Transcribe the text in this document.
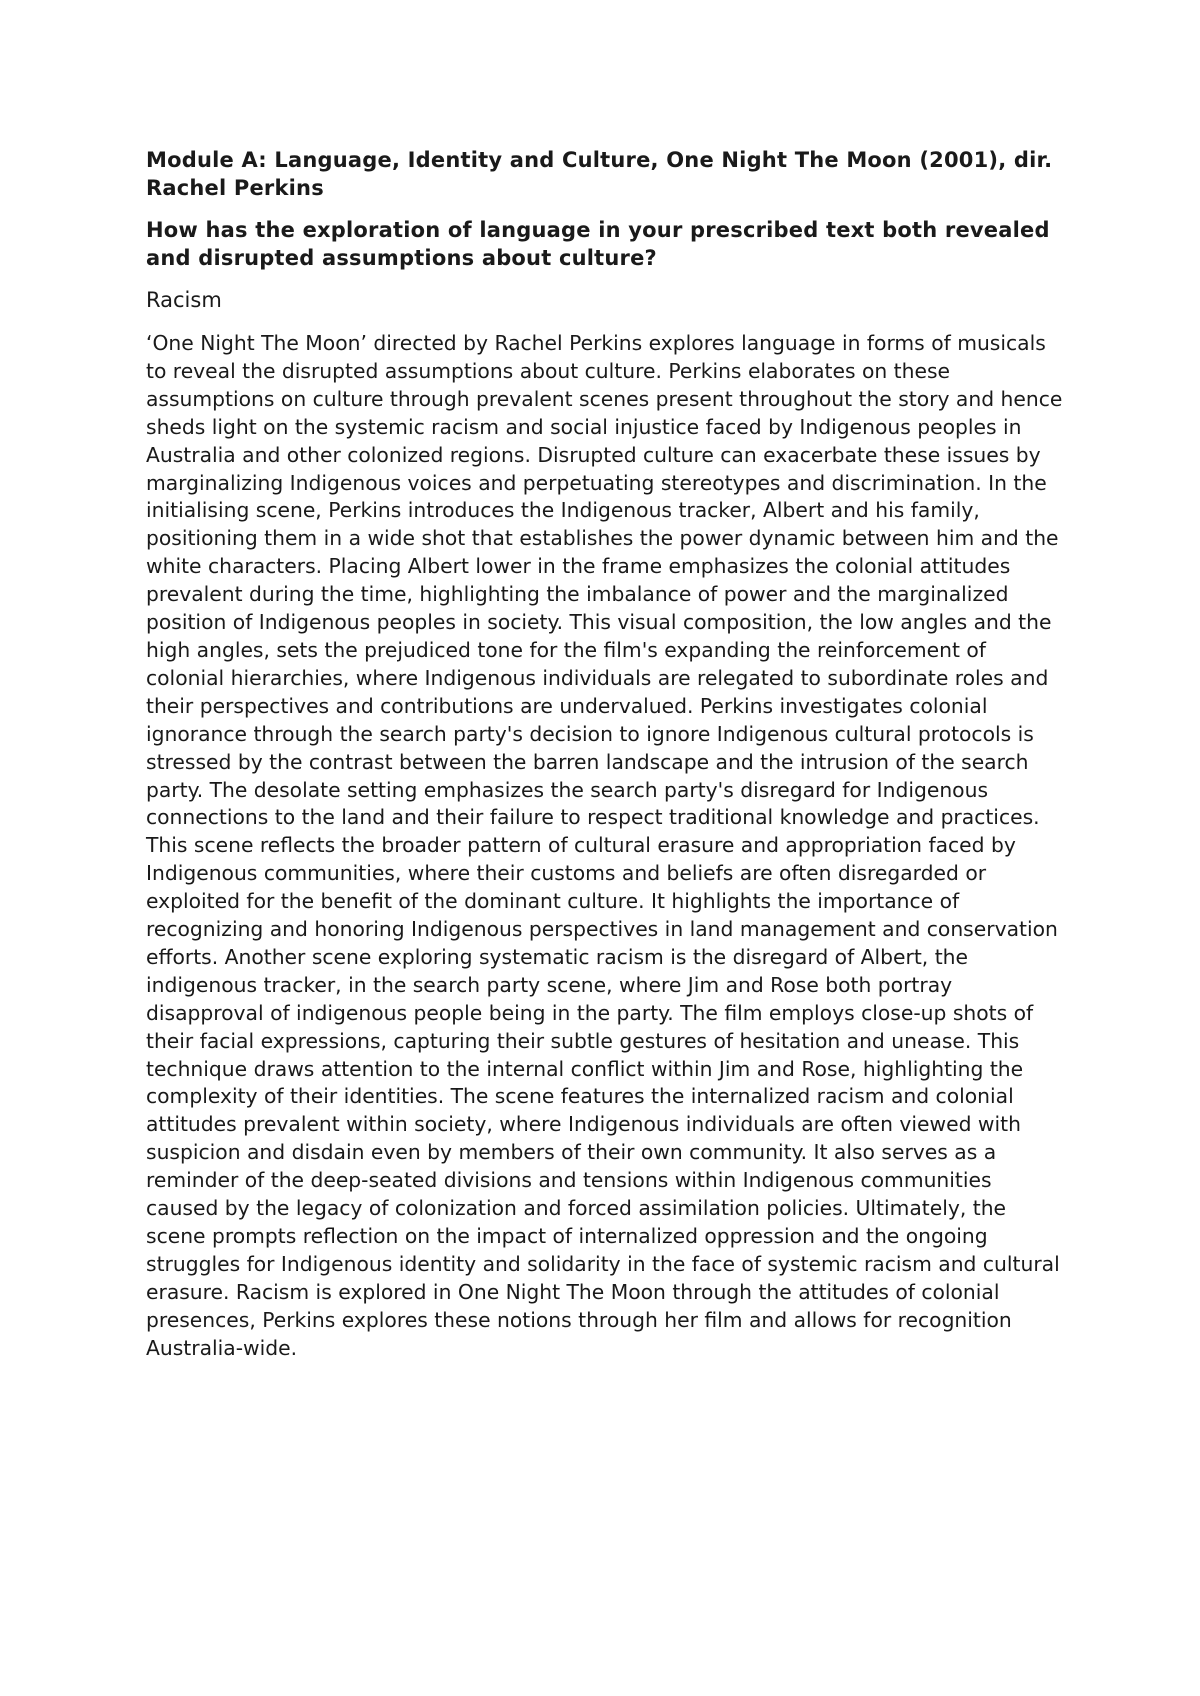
Module A: Language, Identity and Culture, One Night The Moon (2001), dir. Rachel Perkins
How has the exploration of language in your prescribed text both revealed and disrupted assumptions about culture?
Racism

‘One Night The Moon’ directed by Rachel Perkins explores language in forms of musicals to reveal the disrupted assumptions about culture. Perkins elaborates on these assumptions on culture through prevalent scenes present throughout the story and hence sheds light on the systemic racism and social injustice faced by Indigenous peoples in Australia and other colonized regions. Disrupted culture can exacerbate these issues by marginalizing Indigenous voices and perpetuating stereotypes and discrimination. In the initialising scene, Perkins introduces the Indigenous tracker, Albert and his family, positioning them in a wide shot that establishes the power dynamic between him and the white characters. Placing Albert lower in the frame emphasizes the colonial attitudes prevalent during the time, highlighting the imbalance of power and the marginalized position of Indigenous peoples in society. This visual composition, the low angles and the high angles, sets the prejudiced tone for the film's expanding the reinforcement of colonial hierarchies, where Indigenous individuals are relegated to subordinate roles and their perspectives and contributions are undervalued. Perkins investigates colonial ignorance through the search party's decision to ignore Indigenous cultural protocols is stressed by the contrast between the barren landscape and the intrusion of the search party. The desolate setting emphasizes the search party's disregard for Indigenous connections to the land and their failure to respect traditional knowledge and practices. This scene reflects the broader pattern of cultural erasure and appropriation faced by Indigenous communities, where their customs and beliefs are often disregarded or exploited for the benefit of the dominant culture. It highlights the importance of recognizing and honoring Indigenous perspectives in land management and conservation efforts. Another scene exploring systematic racism is the disregard of Albert, the indigenous tracker, in the search party scene, where Jim and Rose both portray disapproval of indigenous people being in the party. The film employs close-up shots of their facial expressions, capturing their subtle gestures of hesitation and unease. This technique draws attention to the internal conflict within Jim and Rose, highlighting the complexity of their identities. The scene features the internalized racism and colonial attitudes prevalent within society, where Indigenous individuals are often viewed with suspicion and disdain even by members of their own community. It also serves as a reminder of the deep-seated divisions and tensions within Indigenous communities caused by the legacy of colonization and forced assimilation policies. Ultimately, the scene prompts reflection on the impact of internalized oppression and the ongoing struggles for Indigenous identity and solidarity in the face of systemic racism and cultural erasure. Racism is explored in One Night The Moon through the attitudes of colonial presences, Perkins explores these notions through her film and allows for recognition Australia-wide.
